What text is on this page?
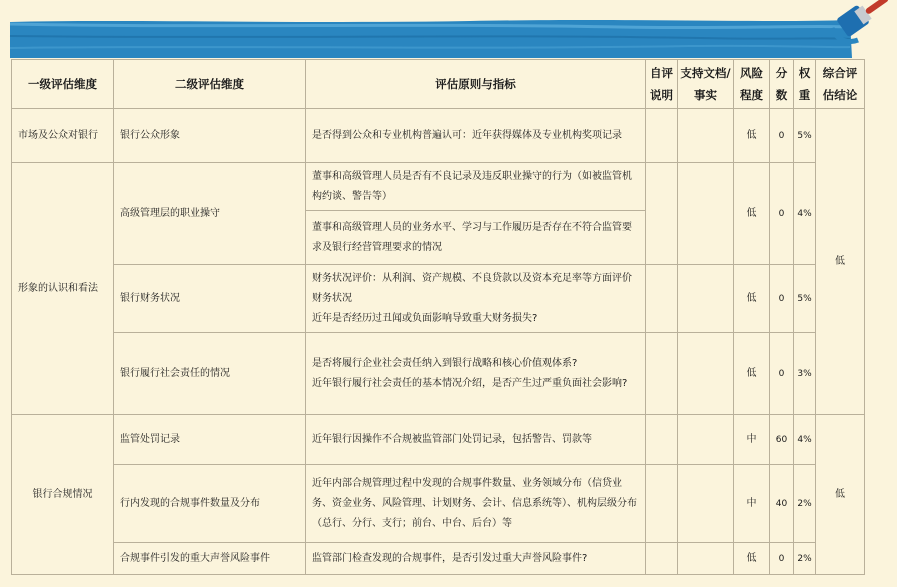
一级评估维度	二级评估维度	评估原则与指标	自评说明	支持文档/事实	风险程度	分数	权重	综合评估结论
市场及公众对银行	银行公众形象	是否得到公众和专业机构普遍认可：近年获得媒体及专业机构奖项记录			低	0	5%	低
形象的认识和看法	高级管理层的职业操守	董事和高级管理人员是否有不良记录及违反职业操守的行为（如被监管机构约谈、警告等）			低	0	4%	
		董事和高级管理人员的业务水平、学习与工作履历是否存在不符合监管要求及银行经营管理要求的情况						
	银行财务状况	财务状况评价：从利润、资产规模、不良贷款以及资本充足率等方面评价财务状况
近年是否经历过丑闻或负面影响导致重大财务损失?			低	0	5%	
	银行履行社会责任的情况	是否将履行企业社会责任纳入到银行战略和核心价值观体系?
近年银行履行社会责任的基本情况介绍，是否产生过严重负面社会影响?			低	0	3%	
银行合规情况	监管处罚记录	近年银行因操作不合规被监管部门处罚记录，包括警告、罚款等			中	60	4%	低
	行内发现的合规事件数量及分布	近年内部合规管理过程中发现的合规事件数量、业务领域分布（信贷业务、资金业务、风险管理、计划财务、会计、信息系统等）、机构层级分布（总行、分行、支行；前台、中台、后台）等			中	40	2%	
	合规事件引发的重大声誉风险事件	监管部门检查发现的合规事件，是否引发过重大声誉风险事件?			低	0	2%	
